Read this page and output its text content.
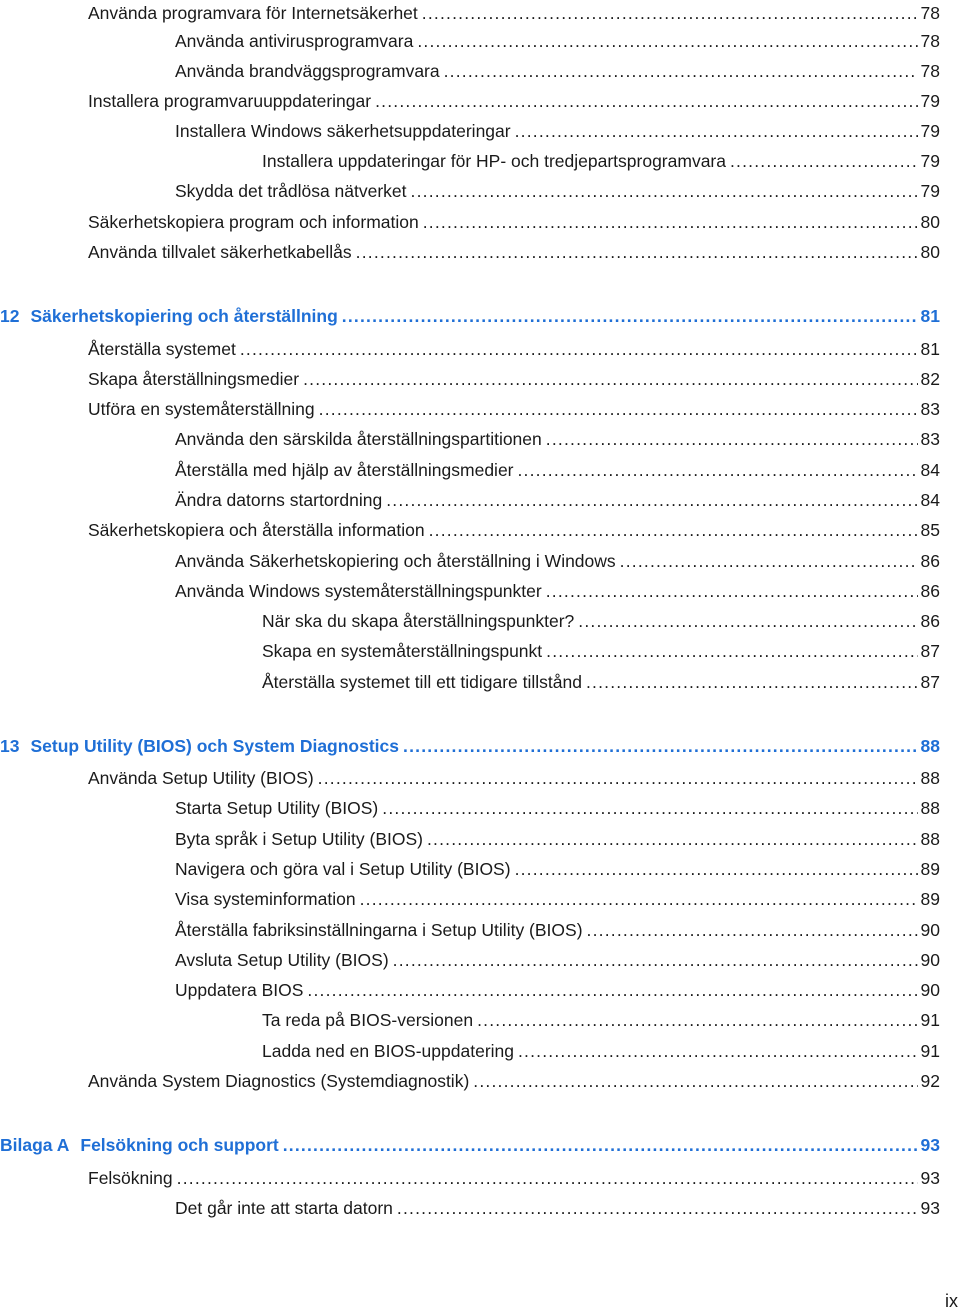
Använda programvara för Internetsäkerhet .....	78
Använda antivirusprogramvara .....	78
Använda brandväggsprogramvara .....	78
Installera programvaruuppdateringar .....	79
Installera Windows säkerhetsuppdateringar .....	79
Installera uppdateringar för HP- och tredjepartsprogramvara .....	79
Skydda det trådlösa nätverket .....	79
Säkerhetskopiera program och information .....	80
Använda tillvalet säkerhetkabellås .....	80
12 Säkerhetskopiering och återställning .....	81
Återställa systemet .....	81
Skapa återställningsmedier .....	82
Utföra en systemåterställning .....	83
Använda den särskilda återställningspartitionen .....	83
Återställa med hjälp av återställningsmedier .....	84
Ändra datorns startordning .....	84
Säkerhetskopiera och återställa information .....	85
Använda Säkerhetskopiering och återställning i Windows .....	86
Använda Windows systemåterställningspunkter .....	86
När ska du skapa återställningspunkter? .....	86
Skapa en systemåterställningspunkt .....	87
Återställa systemet till ett tidigare tillstånd .....	87
13 Setup Utility (BIOS) och System Diagnostics .....	88
Använda Setup Utility (BIOS) .....	88
Starta Setup Utility (BIOS) .....	88
Byta språk i Setup Utility (BIOS) .....	88
Navigera och göra val i Setup Utility (BIOS) .....	89
Visa systeminformation .....	89
Återställa fabriksinställningarna i Setup Utility (BIOS) .....	90
Avsluta Setup Utility (BIOS) .....	90
Uppdatera BIOS .....	90
Ta reda på BIOS-versionen .....	91
Ladda ned en BIOS-uppdatering .....	91
Använda System Diagnostics (Systemdiagnostik) .....	92
Bilaga A Felsökning och support .....	93
Felsökning .....	93
Det går inte att starta datorn .....	93
ix
